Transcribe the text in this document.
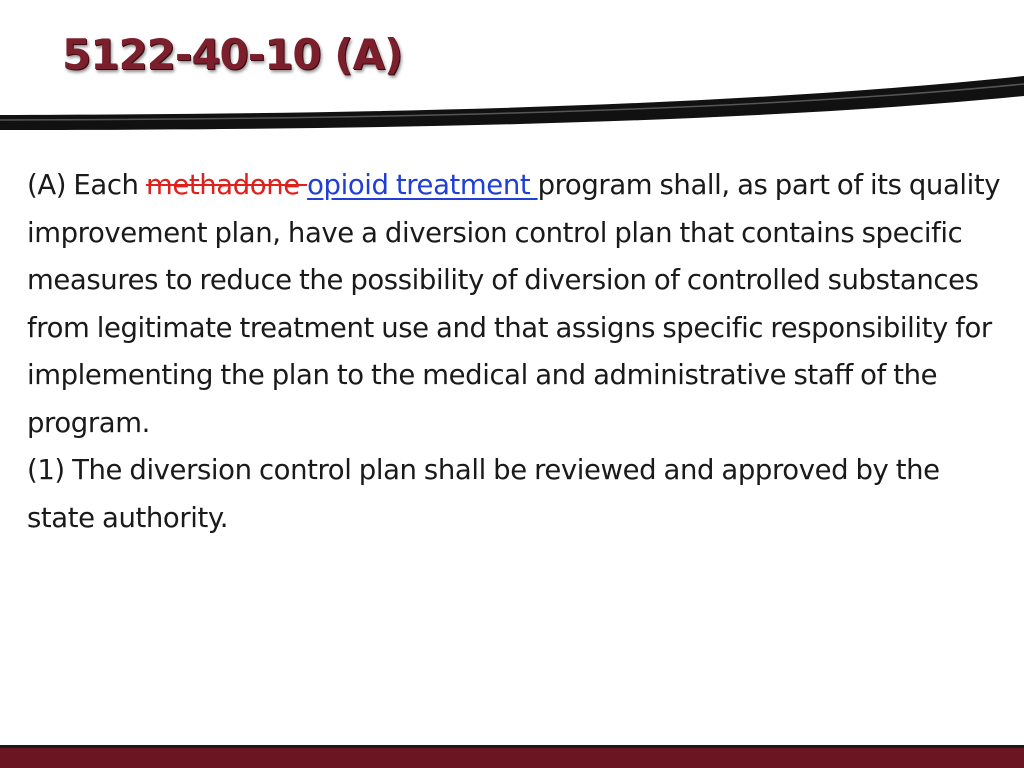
5122-40-10 (A)

(A) Each methadone opioid treatment program shall, as part of its quality improvement plan, have a diversion control plan that contains specific measures to reduce the possibility of diversion of controlled substances from legitimate treatment use and that assigns specific responsibility for implementing the plan to the medical and administrative staff of the program.

(1) The diversion control plan shall be reviewed and approved by the state authority.
